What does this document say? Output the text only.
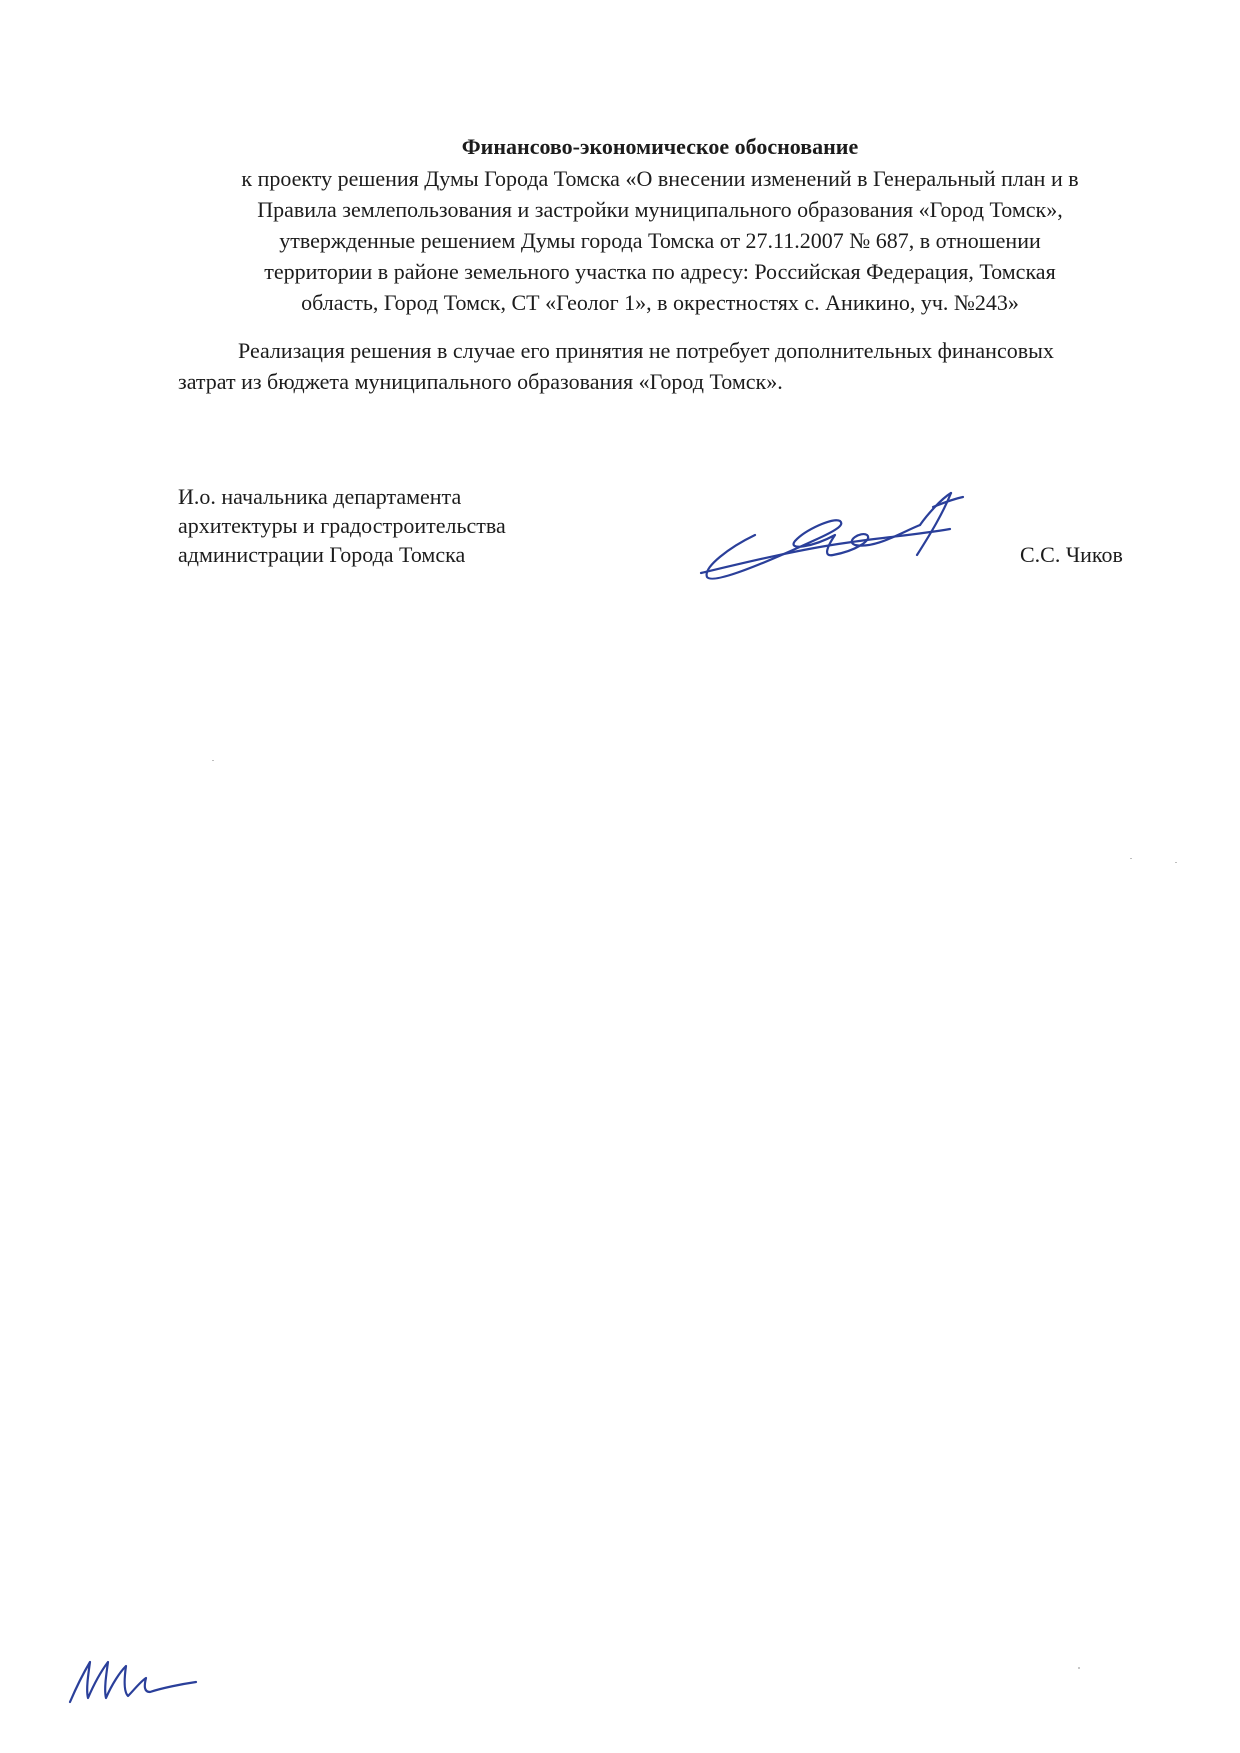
Финансово-экономическое обоснование
к проекту решения Думы Города Томска «О внесении изменений в Генеральный план и в
Правила землепользования и застройки муниципального образования «Город Томск»,
утвержденные решением Думы города Томска от 27.11.2007 № 687, в отношении
территории в районе земельного участка по адресу: Российская Федерация, Томская
область, Город Томск, СТ «Геолог 1», в окрестностях с. Аникино, уч. №243»
Реализация решения в случае его принятия не потребует дополнительных финансовых
затрат из бюджета муниципального образования «Город Томск».
И.о. начальника департамента
архитектуры и градостроительства
администрации Города Томска	С.С. Чиков
